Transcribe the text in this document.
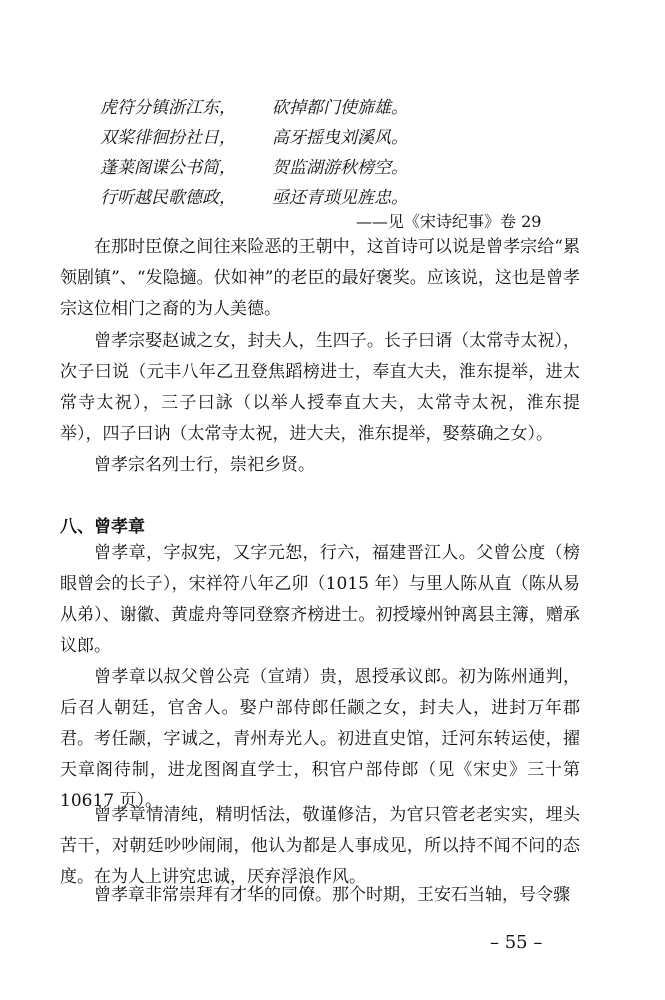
虎符分镇浙江东， 砍掉都门使旆雄。
双桨徘徊扮社日， 高牙摇曳刘溪风。
蓬莱阁谍公书简， 贺监湖游秋榜空。
行听越民歌德政， 亟还青琐见旌忠。
——见《宋诗纪事》卷 29

在那时臣僚之间往来险恶的王朝中，这首诗可以说是曾孝宗给“累领剧镇”、“发隐擿。伏如神”的老臣的最好褒奖。应该说，这也是曾孝宗这位相门之裔的为人美德。

曾孝宗娶赵诚之女，封夫人，生四子。长子曰谞（太常寺太祝），次子曰说（元丰八年乙丑登焦蹈榜进士，奉直大夫，淮东提举，进太常寺太祝），三子曰詠（以举人授奉直大夫，太常寺太祝，淮东提举），四子曰讷（太常寺太祝，进大夫，淮东提举，娶蔡确之女）。

曾孝宗名列士行，崇祀乡贤。

八、曾孝章

曾孝章，字叔宪，又字元恕，行六，福建晋江人。父曾公度（榜眼曾会的长子），宋祥符八年乙卯（1015 年）与里人陈从直（陈从易从弟）、谢徽、黄虚舟等同登察齐榜进士。初授壕州钟离县主簿，赠承议郎。

曾孝章以叔父曾公亮（宣靖）贵，恩授承议郎。初为陈州通判，后召人朝廷，官舍人。娶户部侍郎任颛之女，封夫人，进封万年郡君。 考任颛，字诚之，青州寿光人。初进直史馆，迁河东转运使，擢天章阁待制，进龙图阁直学士，积官户部侍郎（见《宋史》三十第 10617 页）。

曾孝章情清纯，精明恬法，敬谨修洁，为官只管老老实实，埋头苦干，对朝廷吵吵闹闹，他认为都是人事成见，所以持不闻不问的态度。在为人上讲究忠诚，厌弃浮浪作风。

曾孝章非常崇拜有才华的同僚。那个时期，王安石当轴，号令骤

– 55 –
